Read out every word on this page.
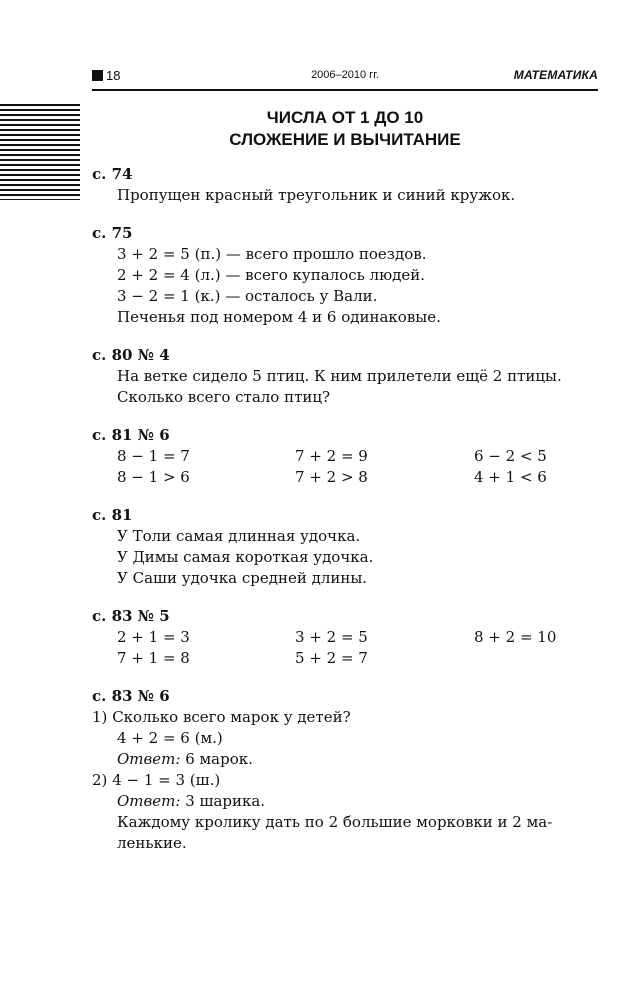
18	2006–2010 гг.	МАТЕМАТИКА
ЧИСЛА ОТ 1 ДО 10
СЛОЖЕНИЕ И ВЫЧИТАНИЕ
с. 74
Пропущен красный треугольник и синий кружок.
с. 75
3 + 2 = 5 (п.) — всего прошло поездов.
2 + 2 = 4 (л.) — всего купалось людей.
3 − 2 = 1 (к.) — осталось у Вали.
Печенья под номером 4 и 6 одинаковые.
с. 80 № 4
На ветке сидело 5 птиц. К ним прилетели ещё 2 птицы.
Сколько всего стало птиц?
с. 81 № 6
8 − 1 = 7	7 + 2 = 9	6 − 2 < 5
8 − 1 > 6	7 + 2 > 8	4 + 1 < 6
с. 81
У Толи самая длинная удочка.
У Димы самая короткая удочка.
У Саши удочка средней длины.
с. 83 № 5
2 + 1 = 3	3 + 2 = 5	8 + 2 = 10
7 + 1 = 8	5 + 2 = 7
с. 83 № 6
1) Сколько всего марок у детей?
4 + 2 = 6 (м.)
Ответ: 6 марок.
2) 4 − 1 = 3 (ш.)
Ответ: 3 шарика.
Каждому кролику дать по 2 большие морковки и 2 ма-
ленькие.
